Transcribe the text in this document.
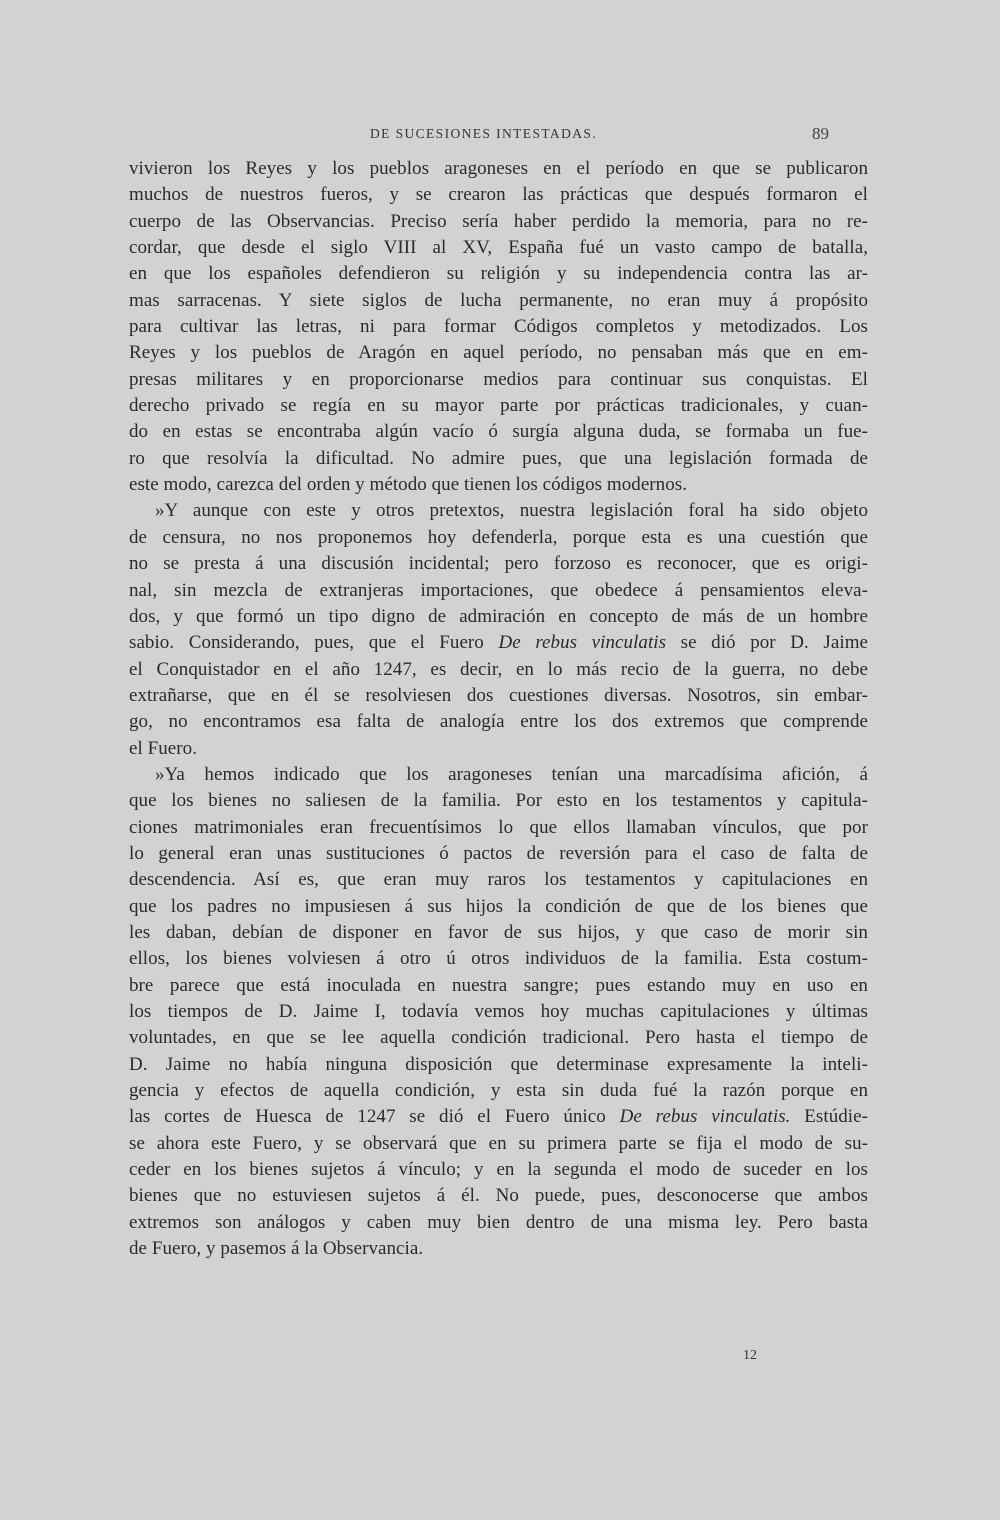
DE SUCESIONES INTESTADAS.	89
vivieron los Reyes y los pueblos aragoneses en el período en que se publicaron
muchos de nuestros fueros, y se crearon las prácticas que después formaron el
cuerpo de las Observancias. Preciso sería haber perdido la memoria, para no re-
cordar, que desde el siglo VIII al XV, España fué un vasto campo de batalla,
en que los españoles defendieron su religión y su independencia contra las ar-
mas sarracenas. Y siete siglos de lucha permanente, no eran muy á propósito
para cultivar las letras, ni para formar Códigos completos y metodizados. Los
Reyes y los pueblos de Aragón en aquel período, no pensaban más que en em-
presas militares y en proporcionarse medios para continuar sus conquistas. El
derecho privado se regía en su mayor parte por prácticas tradicionales, y cuan-
do en estas se encontraba algún vacío ó surgía alguna duda, se formaba un fue-
ro que resolvía la dificultad. No admire pues, que una legislación formada de
este modo, carezca del orden y método que tienen los códigos modernos.
»Y aunque con este y otros pretextos, nuestra legislación foral ha sido objeto
de censura, no nos proponemos hoy defenderla, porque esta es una cuestión que
no se presta á una discusión incidental; pero forzoso es reconocer, que es origi-
nal, sin mezcla de extranjeras importaciones, que obedece á pensamientos eleva-
dos, y que formó un tipo digno de admiración en concepto de más de un hombre
sabio. Considerando, pues, que el Fuero De rebus vinculatis se dió por D. Jaime
el Conquistador en el año 1247, es decir, en lo más recio de la guerra, no debe
extrañarse, que en él se resolviesen dos cuestiones diversas. Nosotros, sin embar-
go, no encontramos esa falta de analogía entre los dos extremos que comprende
el Fuero.
»Ya hemos indicado que los aragoneses tenían una marcadísima afición, á
que los bienes no saliesen de la familia. Por esto en los testamentos y capitula-
ciones matrimoniales eran frecuentísimos lo que ellos llamaban vínculos, que por
lo general eran unas sustituciones ó pactos de reversión para el caso de falta de
descendencia. Así es, que eran muy raros los testamentos y capitulaciones en
que los padres no impusiesen á sus hijos la condición de que de los bienes que
les daban, debían de disponer en favor de sus hijos, y que caso de morir sin
ellos, los bienes volviesen á otro ú otros individuos de la familia. Esta costum-
bre parece que está inoculada en nuestra sangre; pues estando muy en uso en
los tiempos de D. Jaime I, todavía vemos hoy muchas capitulaciones y últimas
voluntades, en que se lee aquella condición tradicional. Pero hasta el tiempo de
D. Jaime no había ninguna disposición que determinase expresamente la inteli-
gencia y efectos de aquella condición, y esta sin duda fué la razón porque en
las cortes de Huesca de 1247 se dió el Fuero único De rebus vinculatis. Estúdie-
se ahora este Fuero, y se observará que en su primera parte se fija el modo de su-
ceder en los bienes sujetos á vínculo; y en la segunda el modo de suceder en los
bienes que no estuviesen sujetos á él. No puede, pues, desconocerse que ambos
extremos son análogos y caben muy bien dentro de una misma ley. Pero basta
de Fuero, y pasemos á la Observancia.
12
